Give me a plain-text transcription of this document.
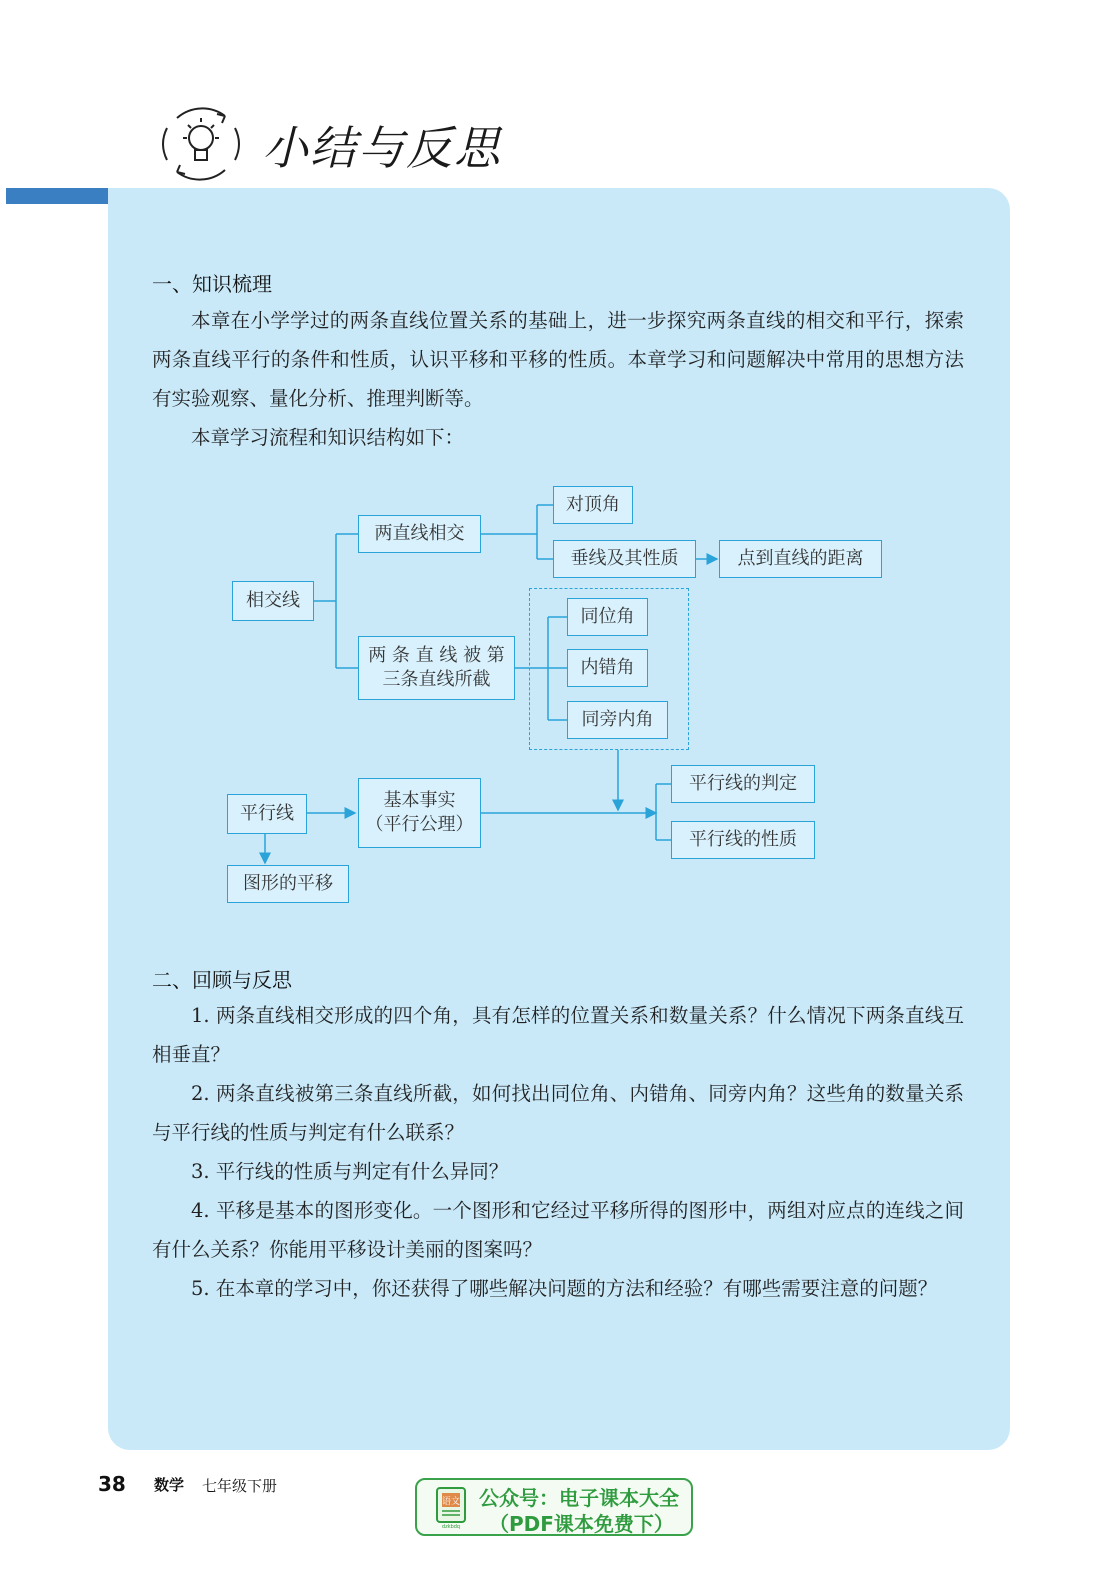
小结与反思
一、知识梳理

本章在小学学过的两条直线位置关系的基础上，进一步探究两条直线的相交和平行，探索两条直线平行的条件和性质，认识平移和平移的性质。本章学习和问题解决中常用的思想方法有实验观察、量化分析、推理判断等。

本章学习流程和知识结构如下：

相交线
两直线相交
对顶角
垂线及其性质	点到直线的距离
两 条 直 线 被 第 三条直线所截
同位角
内错角
同旁内角
平行线
基本事实
（平行公理）
平行线的判定
平行线的性质
图形的平移
二、回顾与反思

1. 两条直线相交形成的四个角，具有怎样的位置关系和数量关系？什么情况下两条直线互相垂直？

2. 两条直线被第三条直线所截，如何找出同位角、内错角、同旁内角？这些角的数量关系与平行线的性质与判定有什么联系？

3. 平行线的性质与判定有什么异同？

4. 平移是基本的图形变化。一个图形和它经过平移所得的图形中，两组对应点的连线之间有什么关系？你能用平移设计美丽的图案吗？

5. 在本章的学习中，你还获得了哪些解决问题的方法和经验？有哪些需要注意的问题？

38 数学 七年级下册
语文
dzkbdq
公众号：电子课本大全
（PDF课本免费下）
